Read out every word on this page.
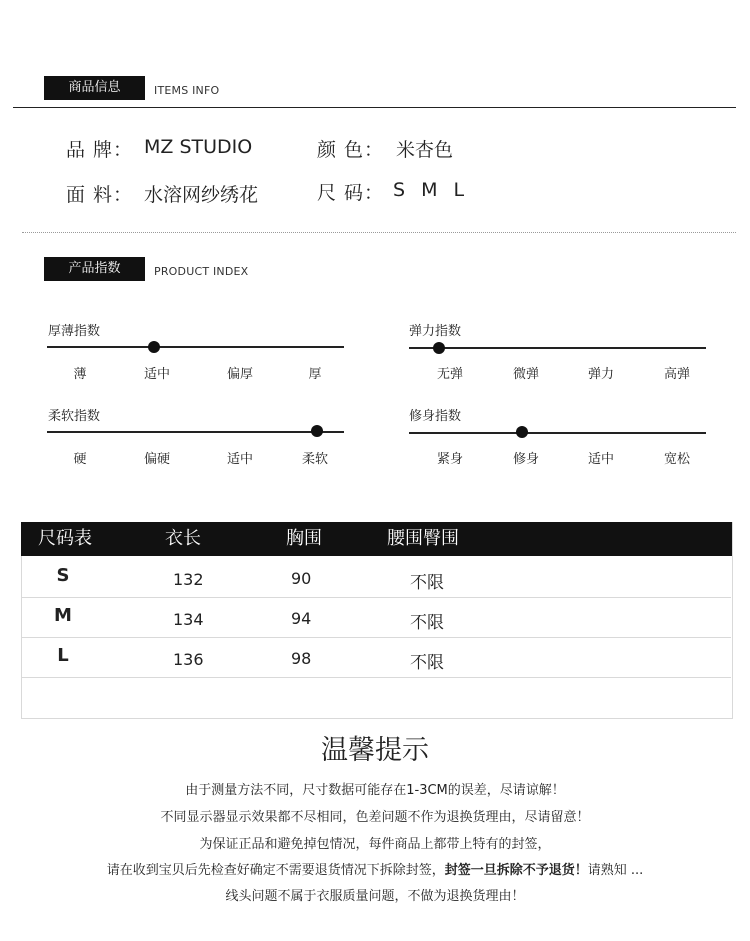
商品信息	ITEMS INFO
品 牌： MZ STUDIO	颜 色： 米杏色
面 料： 水溶网纱绣花	尺 码： S M L
产品指数	PRODUCT INDEX
厚薄指数
薄	适中	偏厚	厚
弹力指数
无弹	微弹	弹力	高弹
柔软指数
硬	偏硬	适中	柔软
修身指数
紧身	修身	适中	宽松
尺码表	衣长	胸围	腰围臀围
S	132	90	不限
M	134	94	不限
L	136	98	不限
温馨提示
由于测量方法不同，尺寸数据可能存在1-3CM的误差，尽请谅解！
不同显示器显示效果都不尽相同，色差问题不作为退换货理由，尽请留意！
为保证正品和避免掉包情况，每件商品上都带上特有的封签，
请在收到宝贝后先检查好确定不需要退货情况下拆除封签，封签一旦拆除不予退货！请熟知 ...
线头问题不属于衣服质量问题，不做为退换货理由！
